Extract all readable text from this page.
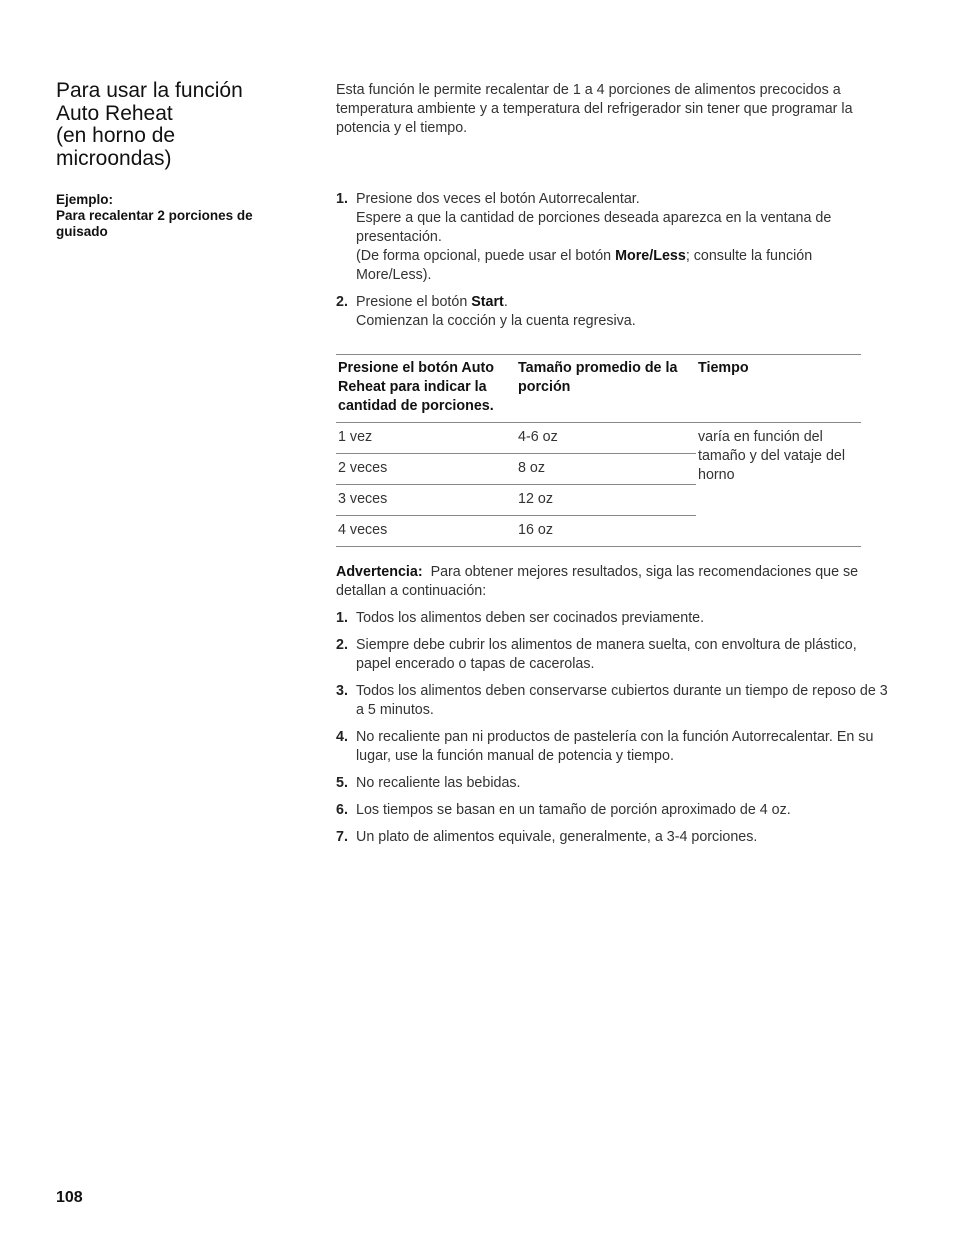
Para usar la función
Auto Reheat
(en horno de
microondas)
Ejemplo:
Para recalentar 2 porciones de
guisado

Esta función le permite recalentar de 1 a 4 porciones de alimentos precocidos a temperatura ambiente y a temperatura del refrigerador sin tener que programar la potencia y el tiempo.

1. Presione dos veces el botón Autorrecalentar.
Espere a que la cantidad de porciones deseada aparezca en la ventana de presentación.
(De forma opcional, puede usar el botón More/Less; consulte la función More/Less).
2. Presione el botón Start.
Comienzan la cocción y la cuenta regresiva.
Presione el botón Auto Reheat para indicar la cantidad de porciones.	Tamaño promedio de la porción	Tiempo
1 vez	4-6 oz	varía en función del tamaño y del vataje del horno
2 veces	8 oz	
3 veces	12 oz	
4 veces	16 oz	

Advertencia: Para obtener mejores resultados, siga las recomendaciones que se detallan a continuación:

1. Todos los alimentos deben ser cocinados previamente.
2. Siempre debe cubrir los alimentos de manera suelta, con envoltura de plástico, papel encerado o tapas de cacerolas.
3. Todos los alimentos deben conservarse cubiertos durante un tiempo de reposo de 3 a 5 minutos.
4. No recaliente pan ni productos de pastelería con la función Autorrecalentar. En su lugar, use la función manual de potencia y tiempo.
5. No recaliente las bebidas.
6. Los tiempos se basan en un tamaño de porción aproximado de 4 oz.
7. Un plato de alimentos equivale, generalmente, a 3-4 porciones.
108
